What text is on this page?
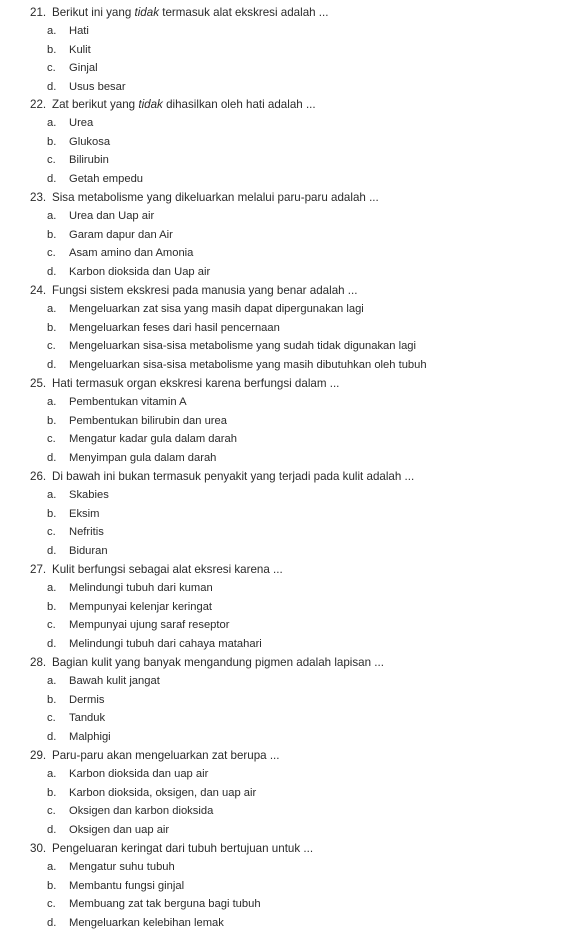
21. Berikut ini yang tidak termasuk alat ekskresi adalah ...
a. Hati
b. Kulit
c. Ginjal
d. Usus besar
22. Zat berikut yang tidak dihasilkan oleh hati adalah ...
a. Urea
b. Glukosa
c. Bilirubin
d. Getah empedu
23. Sisa metabolisme yang dikeluarkan melalui paru-paru adalah ...
a. Urea dan Uap air
b. Garam dapur dan Air
c. Asam amino dan Amonia
d. Karbon dioksida dan Uap air
24. Fungsi sistem ekskresi pada manusia yang benar adalah ...
a. Mengeluarkan zat sisa yang masih dapat dipergunakan lagi
b. Mengeluarkan feses dari hasil pencernaan
c. Mengeluarkan sisa-sisa metabolisme yang sudah tidak digunakan lagi
d. Mengeluarkan sisa-sisa metabolisme yang masih dibutuhkan oleh tubuh
25. Hati termasuk organ ekskresi karena berfungsi dalam ...
a. Pembentukan vitamin A
b. Pembentukan bilirubin dan urea
c. Mengatur kadar gula dalam darah
d. Menyimpan gula dalam darah
26. Di bawah ini bukan termasuk penyakit yang terjadi pada kulit adalah ...
a. Skabies
b. Eksim
c. Nefritis
d. Biduran
27. Kulit berfungsi sebagai alat eksresi karena ...
a. Melindungi tubuh dari kuman
b. Mempunyai kelenjar keringat
c. Mempunyai ujung saraf reseptor
d. Melindungi tubuh dari cahaya matahari
28. Bagian kulit yang banyak mengandung pigmen adalah lapisan ...
a. Bawah kulit jangat
b. Dermis
c. Tanduk
d. Malphigi
29. Paru-paru akan mengeluarkan zat berupa ...
a. Karbon dioksida dan uap air
b. Karbon dioksida, oksigen, dan uap air
c. Oksigen dan karbon dioksida
d. Oksigen dan uap air
30. Pengeluaran keringat dari tubuh bertujuan untuk ...
a. Mengatur suhu tubuh
b. Membantu fungsi ginjal
c. Membuang zat tak berguna bagi tubuh
d. Mengeluarkan kelebihan lemak
